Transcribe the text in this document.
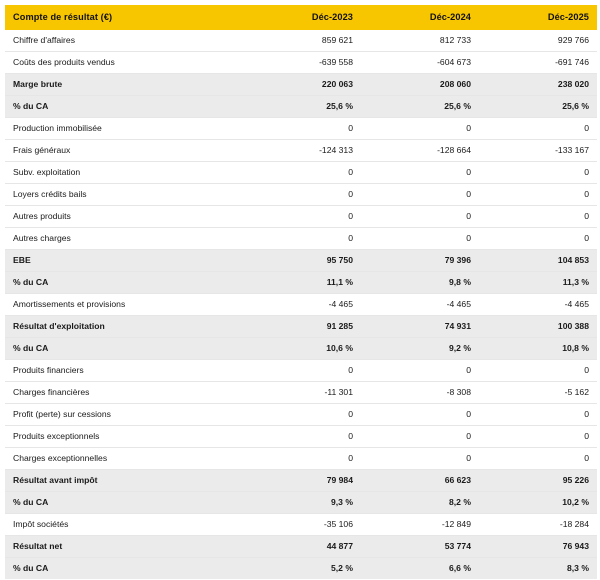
Compte de résultat (€)	Déc-2023	Déc-2024	Déc-2025
Chiffre d'affaires	859 621	812 733	929 766
Coûts des produits vendus	-639 558	-604 673	-691 746
Marge brute	220 063	208 060	238 020
% du CA	25,6 %	25,6 %	25,6 %
Production immobilisée	0	0	0
Frais généraux	-124 313	-128 664	-133 167
Subv. exploitation	0	0	0
Loyers crédits bails	0	0	0
Autres produits	0	0	0
Autres charges	0	0	0
EBE	95 750	79 396	104 853
% du CA	11,1 %	9,8 %	11,3 %
Amortissements et provisions	-4 465	-4 465	-4 465
Résultat d'exploitation	91 285	74 931	100 388
% du CA	10,6 %	9,2 %	10,8 %
Produits financiers	0	0	0
Charges financières	-11 301	-8 308	-5 162
Profit (perte) sur cessions	0	0	0
Produits exceptionnels	0	0	0
Charges exceptionnelles	0	0	0
Résultat avant impôt	79 984	66 623	95 226
% du CA	9,3 %	8,2 %	10,2 %
Impôt sociétés	-35 106	-12 849	-18 284
Résultat net	44 877	53 774	76 943
% du CA	5,2 %	6,6 %	8,3 %
